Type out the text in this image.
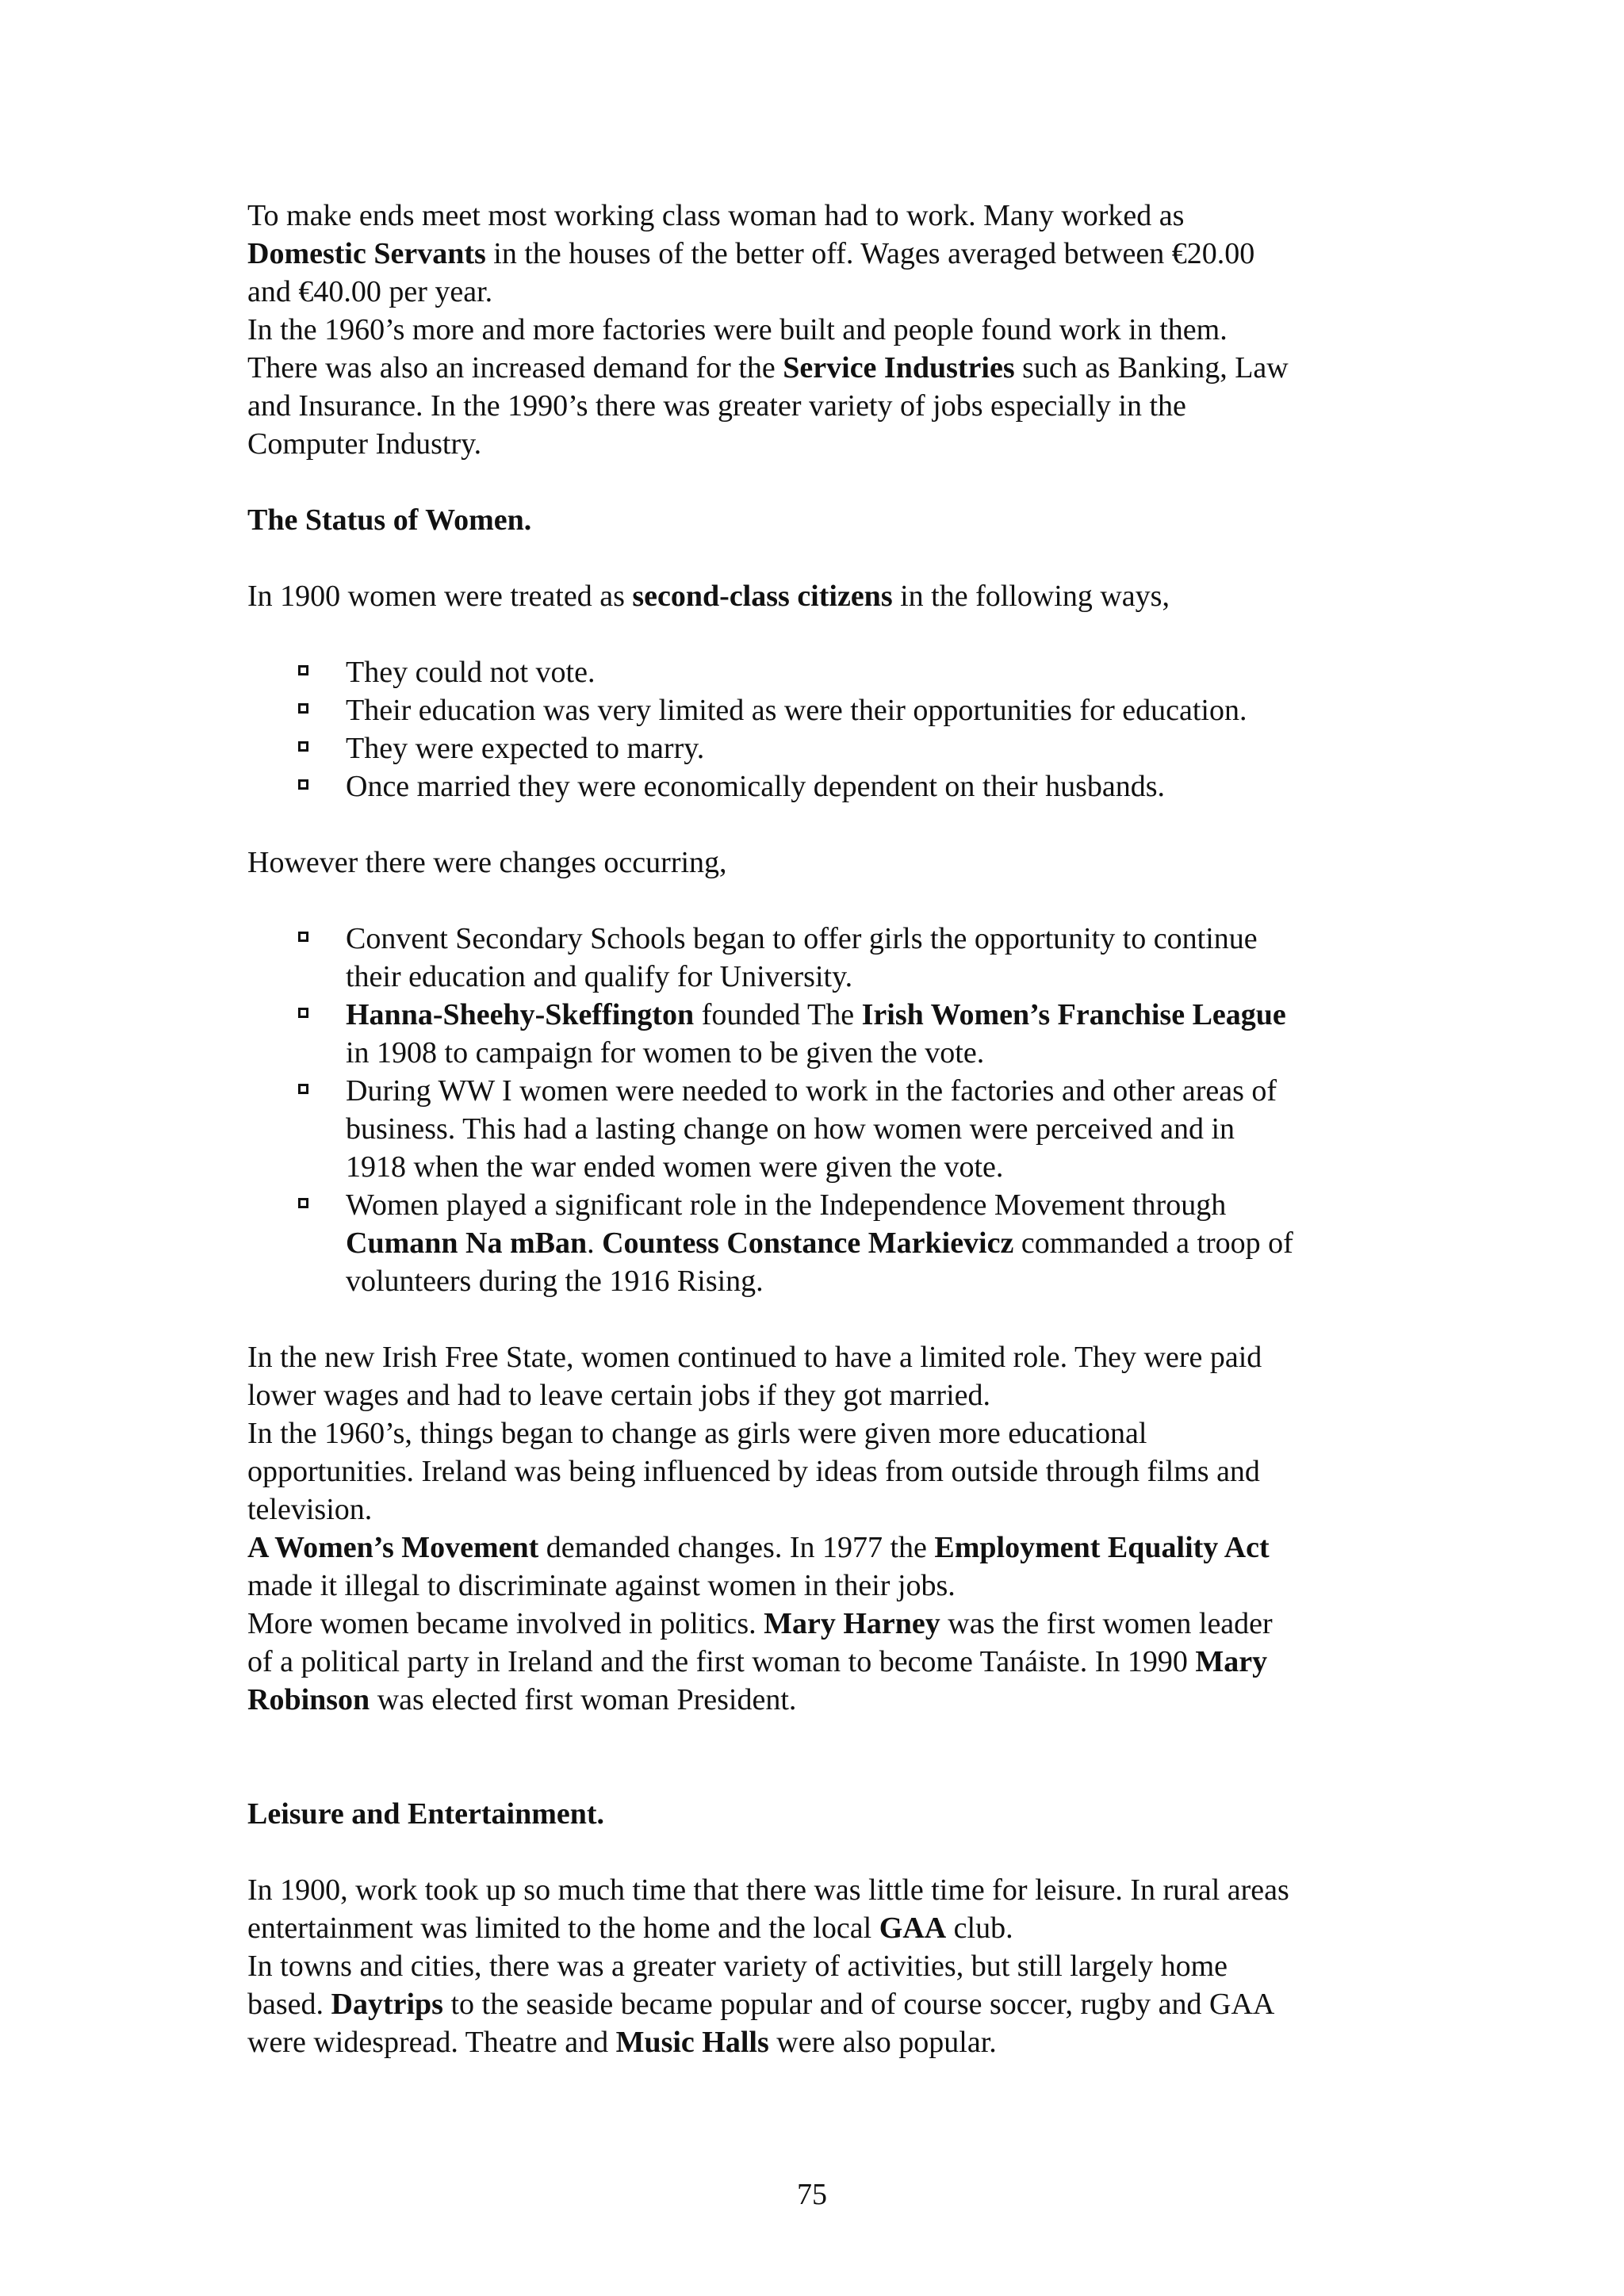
To make ends meet most working class woman had to work. Many worked as

Domestic Servants in the houses of the better off. Wages averaged between €20.00

and €40.00 per year.

In the 1960’s more and more factories were built and people found work in them.

There was also an increased demand for the Service Industries such as Banking, Law

and Insurance. In the 1990’s there was greater variety of jobs especially in the

Computer Industry.

The Status of Women.

In 1900 women were treated as second-class citizens in the following ways,

They could not vote.
Their education was very limited as were their opportunities for education.
They were expected to marry.
Once married they were economically dependent on their husbands.

However there were changes occurring,

Convent Secondary Schools began to offer girls the opportunity to continue

their education and qualify for University.

Hanna-Sheehy-Skeffington founded The Irish Women’s Franchise League

in 1908 to campaign for women to be given the vote.

During WW I women were needed to work in the factories and other areas of

business. This had a lasting change on how women were perceived and in

1918 when the war ended women were given the vote.

Women played a significant role in the Independence Movement through

Cumann Na mBan. Countess Constance Markievicz commanded a troop of

volunteers during the 1916 Rising.

In the new Irish Free State, women continued to have a limited role. They were paid

lower wages and had to leave certain jobs if they got married.

In the 1960’s, things began to change as girls were given more educational

opportunities. Ireland was being influenced by ideas from outside through films and

television.

A Women’s Movement demanded changes. In 1977 the Employment Equality Act

made it illegal to discriminate against women in their jobs.

More women became involved in politics. Mary Harney was the first women leader

of a political party in Ireland and the first woman to become Tanáiste. In 1990 Mary

Robinson was elected first woman President.

Leisure and Entertainment.

In 1900, work took up so much time that there was little time for leisure. In rural areas

entertainment was limited to the home and the local GAA club.

In towns and cities, there was a greater variety of activities, but still largely home

based. Daytrips to the seaside became popular and of course soccer, rugby and GAA

were widespread. Theatre and Music Halls were also popular.

75
